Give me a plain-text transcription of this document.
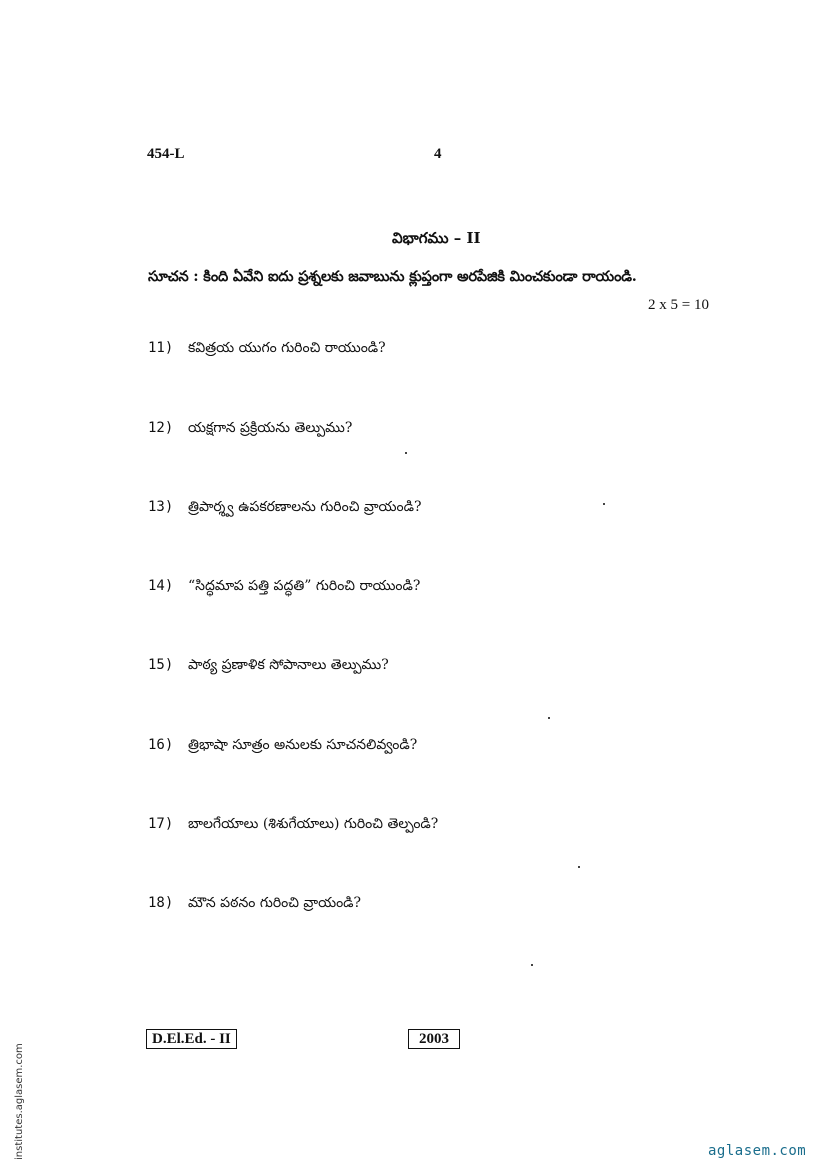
454-L	4
విభాగము – II
సూచన : కింది ఏవేని ఐదు ప్రశ్నలకు జవాబును క్లుప్తంగా అరపేజికి మించకుండా రాయండి.
2 x 5 = 10
11) కవిత్రయ యుగం గురించి రాయుండి?
12) యక్షగాన ప్రక్రియను తెల్పుము?
13) త్రిపార్శ్వ ఉపకరణాలను గురించి వ్రాయండి?
14) “సిద్ధమాప పత్తి పద్ధతి” గురించి రాయుండి?
15) పాఠ్య ప్రణాళిక సోపానాలు తెల్పుము?
16) త్రిభాషా సూత్రం అనులకు సూచనలివ్వండి?
17) బాలగేయాలు (శిశుగేయాలు) గురించి తెల్పండి?
18) మౌన పఠనం గురించి వ్రాయండి?
D.El.Ed. - II	2003
institutes.aglasem.com	aglasem.com
